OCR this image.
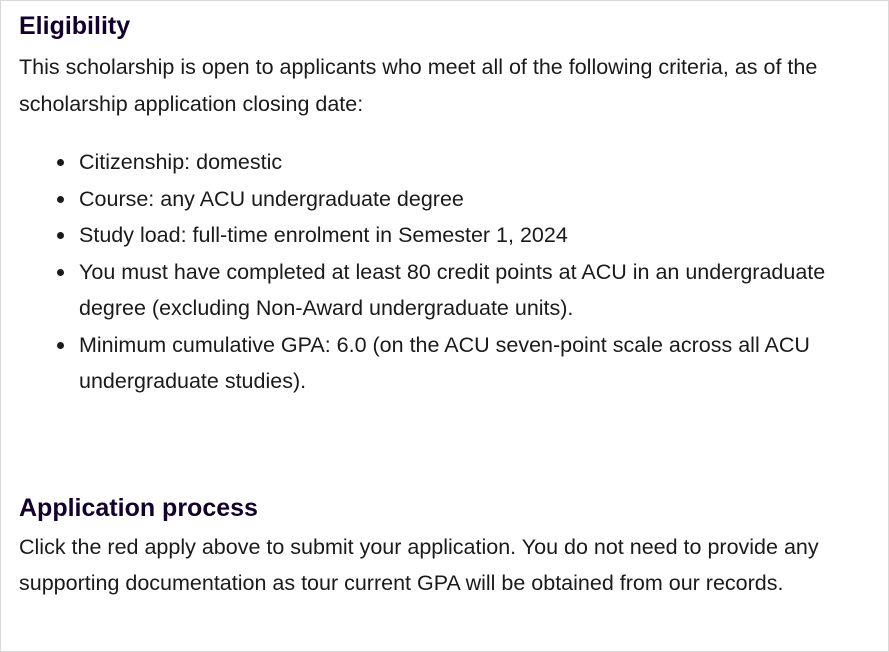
Eligibility

This scholarship is open to applicants who meet all of the following criteria, as of the scholarship application closing date:

Citizenship: domestic
Course: any ACU undergraduate degree
Study load: full-time enrolment in Semester 1, 2024
You must have completed at least 80 credit points at ACU in an undergraduate degree (excluding Non-Award undergraduate units).
Minimum cumulative GPA: 6.0 (on the ACU seven-point scale across all ACU undergraduate studies).
Application process

Click the red apply above to submit your application. You do not need to provide any supporting documentation as tour current GPA will be obtained from our records.
